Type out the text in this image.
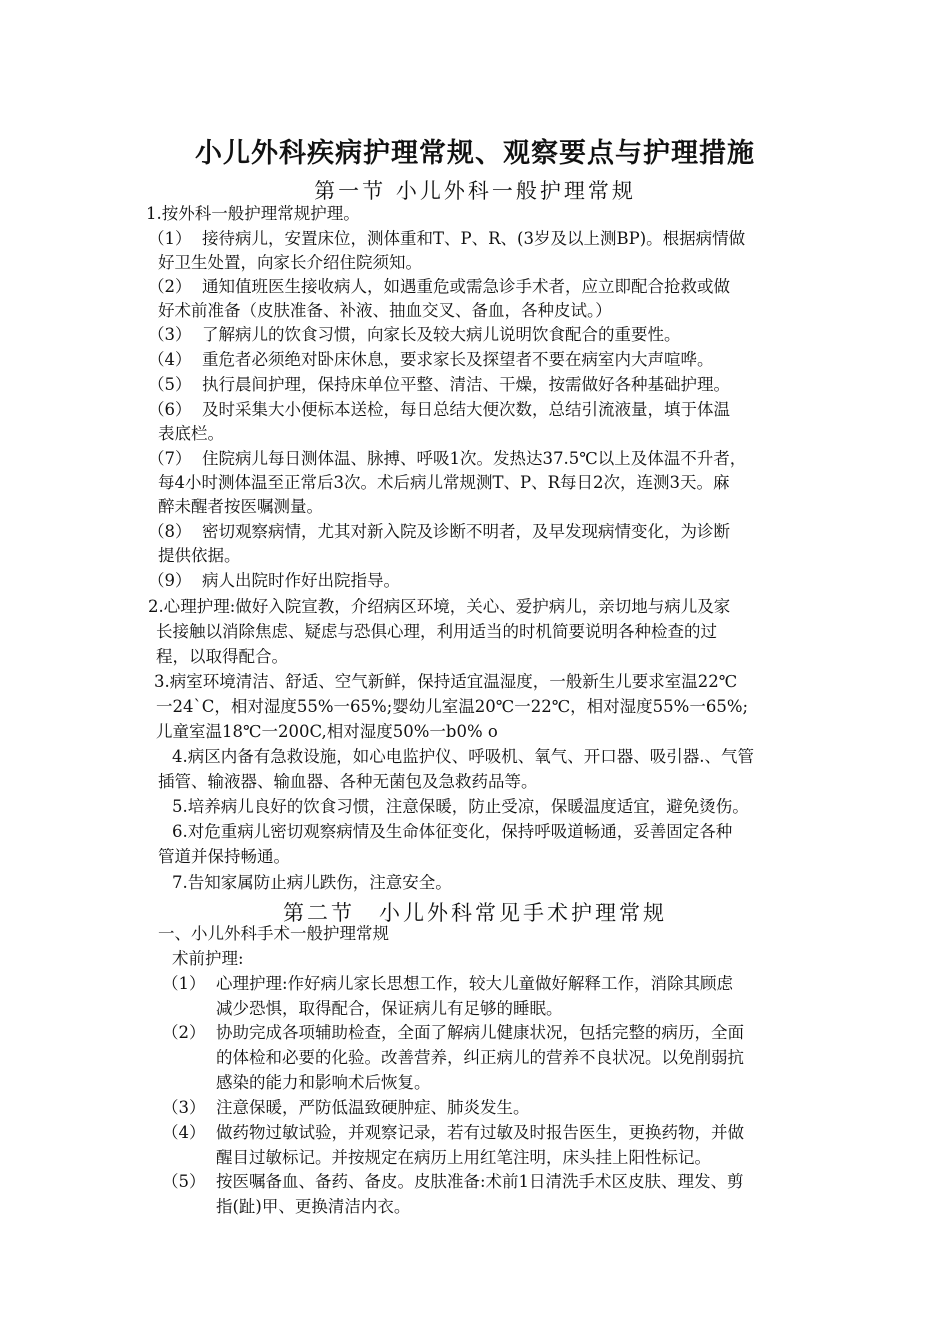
小儿外科疾病护理常规、观察要点与护理措施
第一节 小儿外科一般护理常规
1.按外科一般护理常规护理。
（1） 接待病儿，安置床位，测体重和T、P、R、(3岁及以上测BP)。根据病情做
好卫生处置，向家长介绍住院须知。
（2） 通知值班医生接收病人，如遇重危或需急诊手术者，应立即配合抢救或做
好术前准备（皮肤准备、补液、抽血交叉、备血，各种皮试。）
（3） 了解病儿的饮食习惯，向家长及较大病儿说明饮食配合的重要性。
（4） 重危者必须绝对卧床休息，要求家长及探望者不要在病室内大声喧哗。
（5） 执行晨间护理，保持床单位平整、清洁、干燥，按需做好各种基础护理。
（6） 及时采集大小便标本送检，每日总结大便次数，总结引流液量，填于体温
表底栏。
（7） 住院病儿每日测体温、脉搏、呼吸1次。发热达37.5℃以上及体温不升者，
每4小时测体温至正常后3次。术后病儿常规测T、P、R每日2次，连测3天。麻
醉未醒者按医嘱测量。
（8） 密切观察病情，尤其对新入院及诊断不明者，及早发现病情变化，为诊断
提供依据。
（9） 病人出院时作好出院指导。
2.心理护理:做好入院宣教，介绍病区环境，关心、爱护病儿，亲切地与病儿及家
长接触以消除焦虑、疑虑与恐俱心理，利用适当的时机简要说明各种检查的过
程，以取得配合。
3.病室环境清洁、舒适、空气新鲜，保持适宜温湿度，一般新生儿要求室温22℃
一24`C，相对湿度55%一65%;婴幼儿室温20℃一22℃，相对湿度55%一65%;
儿童室温18℃一200C,相对湿度50%一b0% o
4.病区内备有急救设施，如心电监护仪、呼吸机、氧气、开口器、吸引器.、气管
插管、输液器、输血器、各种无菌包及急救药品等。
5.培养病儿良好的饮食习惯，注意保暖，防止受凉，保暖温度适宜，避免烫伤。
6.对危重病儿密切观察病情及生命体征变化，保持呼吸道畅通，妥善固定各种
管道并保持畅通。
7.告知家属防止病儿跌伤，注意安全。
第二节　小儿外科常见手术护理常规
一、小儿外科手术一般护理常规
术前护理:
（1） 心理护理:作好病儿家长思想工作，较大儿童做好解释工作，消除其顾虑
减少恐惧，取得配合，保证病儿有足够的睡眠。
（2） 协助完成各项辅助检查，全面了解病儿健康状况，包括完整的病历，全面
的体检和必要的化验。改善营养，纠正病儿的营养不良状况。以免削弱抗
感染的能力和影响术后恢复。
（3） 注意保暖，严防低温致硬肿症、肺炎发生。
（4） 做药物过敏试验，并观察记录，若有过敏及时报告医生，更换药物，并做
醒目过敏标记。并按规定在病历上用红笔注明，床头挂上阳性标记。
（5） 按医嘱备血、备药、备皮。皮肤准备:术前1日清洗手术区皮肤、理发、剪
指(趾)甲、更换清洁内衣。
